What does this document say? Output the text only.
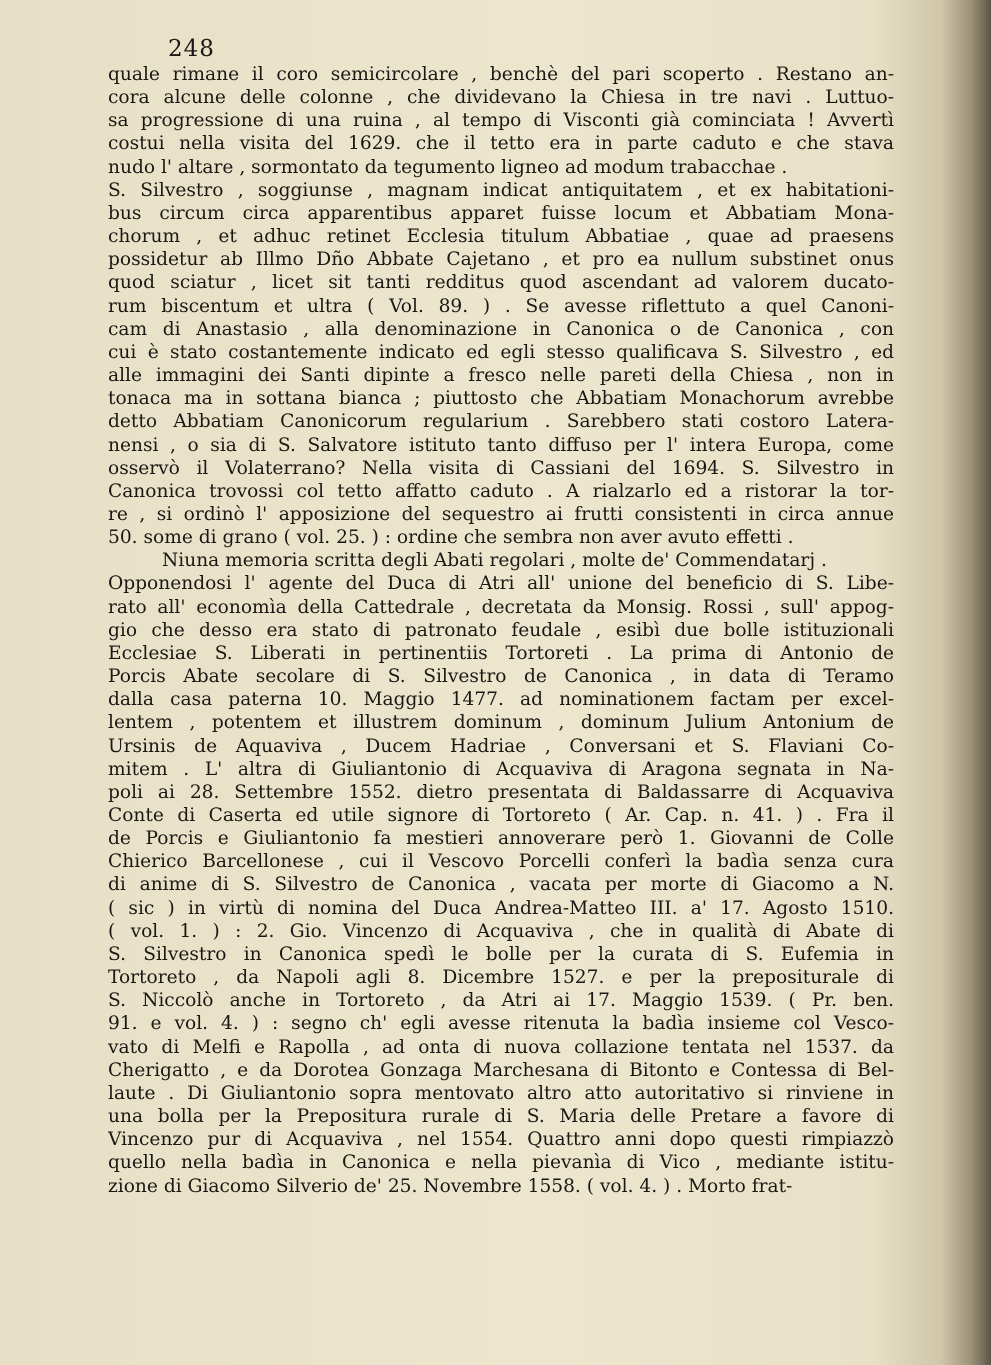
248
quale rimane il coro semicircolare , benchè del pari scoperto . Restano an-
cora alcune delle colonne , che dividevano la Chiesa in tre navi . Luttuo-
sa progressione di una ruina , al tempo di Visconti già cominciata ! Avvertì
costui nella visita del 1629. che il tetto era in parte caduto e che stava
nudo l' altare , sormontato da tegumento ligneo ad modum trabacchae .
S. Silvestro , soggiunse , magnam indicat antiquitatem , et ex habitationi-
bus circum circa apparentibus apparet fuisse locum et Abbatiam Mona-
chorum , et adhuc retinet Ecclesia titulum Abbatiae , quae ad praesens
possidetur ab Illmo Dño Abbate Cajetano , et pro ea nullum substinet onus
quod sciatur , licet sit tanti redditus quod ascendant ad valorem ducato-
rum biscentum et ultra ( Vol. 89. ) . Se avesse riflettuto a quel Canoni-
cam di Anastasio , alla denominazione in Canonica o de Canonica , con
cui è stato costantemente indicato ed egli stesso qualificava S. Silvestro , ed
alle immagini dei Santi dipinte a fresco nelle pareti della Chiesa , non in
tonaca ma in sottana bianca ; piuttosto che Abbatiam Monachorum avrebbe
detto Abbatiam Canonicorum regularium . Sarebbero stati costoro Latera-
nensi , o sia di S. Salvatore istituto tanto diffuso per l' intera Europa, come
osservò il Volaterrano? Nella visita di Cassiani del 1694. S. Silvestro in
Canonica trovossi col tetto affatto caduto . A rialzarlo ed a ristorar la tor-
re , si ordinò l' apposizione del sequestro ai frutti consistenti in circa annue
50. some di grano ( vol. 25. ) : ordine che sembra non aver avuto effetti .
Niuna memoria scritta degli Abati regolari , molte de' Commendatarj .
Opponendosi l' agente del Duca di Atri all' unione del beneficio di S. Libe-
rato all' economìa della Cattedrale , decretata da Monsig. Rossi , sull' appog-
gio che desso era stato di patronato feudale , esibì due bolle istituzionali
Ecclesiae S. Liberati in pertinentiis Tortoreti . La prima di Antonio de
Porcis Abate secolare di S. Silvestro de Canonica , in data di Teramo
dalla casa paterna 10. Maggio 1477. ad nominationem factam per excel-
lentem , potentem et illustrem dominum , dominum Julium Antonium de
Ursinis de Aquaviva , Ducem Hadriae , Conversani et S. Flaviani Co-
mitem . L' altra di Giuliantonio di Acquaviva di Aragona segnata in Na-
poli ai 28. Settembre 1552. dietro presentata di Baldassarre di Acquaviva
Conte di Caserta ed utile signore di Tortoreto ( Ar. Cap. n. 41. ) . Fra il
de Porcis e Giuliantonio fa mestieri annoverare però 1. Giovanni de Colle
Chierico Barcellonese , cui il Vescovo Porcelli conferì la badìa senza cura
di anime di S. Silvestro de Canonica , vacata per morte di Giacomo a N.
( sic ) in virtù di nomina del Duca Andrea-Matteo III. a' 17. Agosto 1510.
( vol. 1. ) : 2. Gio. Vincenzo di Acquaviva , che in qualità di Abate di
S. Silvestro in Canonica spedì le bolle per la curata di S. Eufemia in
Tortoreto , da Napoli agli 8. Dicembre 1527. e per la prepositurale di
S. Niccolò anche in Tortoreto , da Atri ai 17. Maggio 1539. ( Pr. ben.
91. e vol. 4. ) : segno ch' egli avesse ritenuta la badìa insieme col Vesco-
vato di Melfi e Rapolla , ad onta di nuova collazione tentata nel 1537. da
Cherigatto , e da Dorotea Gonzaga Marchesana di Bitonto e Contessa di Bel-
laute . Di Giuliantonio sopra mentovato altro atto autoritativo si rinviene in
una bolla per la Prepositura rurale di S. Maria delle Pretare a favore di
Vincenzo pur di Acquaviva , nel 1554. Quattro anni dopo questi rimpiazzò
quello nella badìa in Canonica e nella pievanìa di Vico , mediante istitu-
zione di Giacomo Silverio de' 25. Novembre 1558. ( vol. 4. ) . Morto frat-
